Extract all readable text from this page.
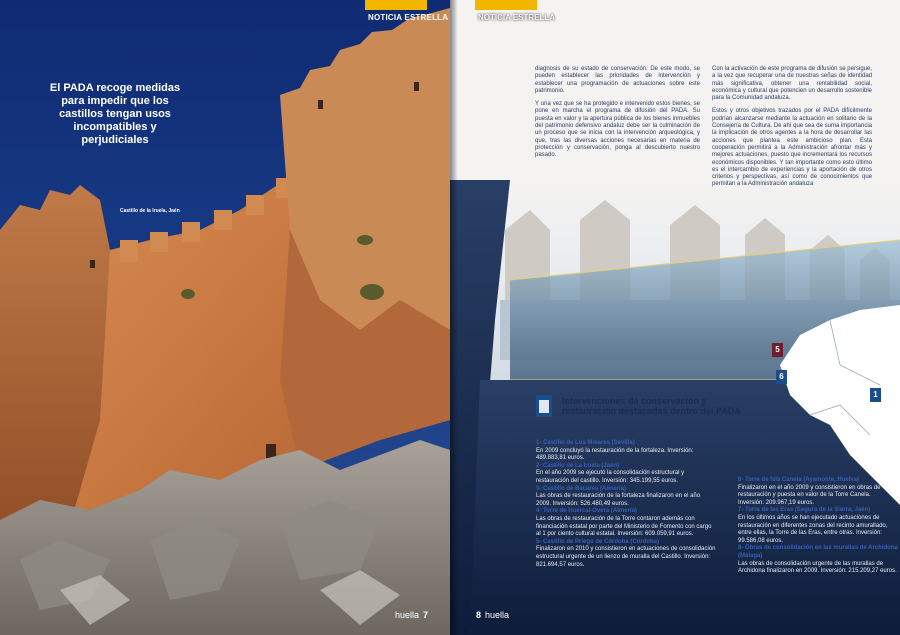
NOTICIA ESTRELLA
El PADA recoge medidas para impedir que los castillos tengan usos incompatibles y perjudiciales
Castillo de la Iruela, Jaén
huella 7
5
6
1
NOTICIA ESTRELLA

diagnosis de su estado de conservación. De este modo, se pueden establecer las prioridades de intervención y establecer una programación de actuaciones sobre este patrimonio.

Y una vez que se ha protegido e intervenido estos bienes, se pone en marcha el programa de difusión del PADA. Su puesta en valor y la apertura pública de los bienes inmuebles del patrimonio defensivo andaluz debe ser la culminación de un proceso que se inicia con la intervención arqueológica, y que, tras las diversas acciones necesarias en materia de protección y conservación, ponga al descubierto nuestro pasado.

Con la activación de este programa de difusión se persigue, a la vez que recuperar una de nuestras señas de identidad más significativa, obtener una rentabilidad social, económica y cultural que potencien un desarrollo sostenible para la Comunidad andaluza.

Estos y otros objetivos trazados por el PADA difícilmente podrían alcanzarse mediante la actuación en solitario de la Consejería de Cultura. De ahí que sea de suma importancia la implicación de otros agentes a la hora de desarrollar las acciones que plantea este ambicioso plan. Esta cooperación permitirá a la Administración afrontar más y mejores actuaciones, puesto que incrementará los recursos económicos disponibles. Y tan importante como esto último es el intercambio de experiencias y la aportación de otros criterios y perspectivas, así como de conocimientos que permitan a la Administración andaluza

Intervenciones de conservación y
restauración destacadas dentro del PADA
1- Castillo de Los Molares (Sevilla)
En 2009 concluyó la restauración de la fortaleza. Inversión: 489.883,81 euros.
2- Castillo de La Iruela (Jaén)
En el año 2009 se ejecutó la consolidación estructural y restauración del castillo. Inversión: 345.199,55 euros.
3- Castillo de Bacares (Almería)
Las obras de restauración de la fortaleza finalizaron en el año 2009. Inversión: 526.480,49 euros.
4- Torre de Huércal-Overa (Almería)
Las obras de restauración de la Torre contaron además con financiación estatal por parte del Ministerio de Fomento con cargo al 1 por ciento cultural estatal. Inversión: 609.059,91 euros.
5- Castillo de Priego de Córdoba (Córdoba)
Finalizaron en 2010 y consistieron en actuaciones de consolidación estructural urgente de un lienzo de muralla del Castillo. Inversión: 821.694,57 euros.
6- Torre de Isla Canela (Ayamonte, Huelva)
Finalizaron en el año 2009 y consistieron en obras de restauración y puesta en valor de la Torre Canela. Inversión: 209.967,19 euros.
7- Torre de las Eras (Segura de la Sierra, Jaén)
En los últimos años se han ejecutado actuaciones de restauración en diferentes zonas del recinto amurallado, entre ellas, la Torre de las Eras, entre otras. Inversión: 99.586,08 euros.
8- Obras de consolidación en las murallas de Archidona (Málaga)
Las obras de consolidación urgente de las murallas de Archidona finalizaron en 2009. Inversión: 215.209,27 euros.
8 huella
